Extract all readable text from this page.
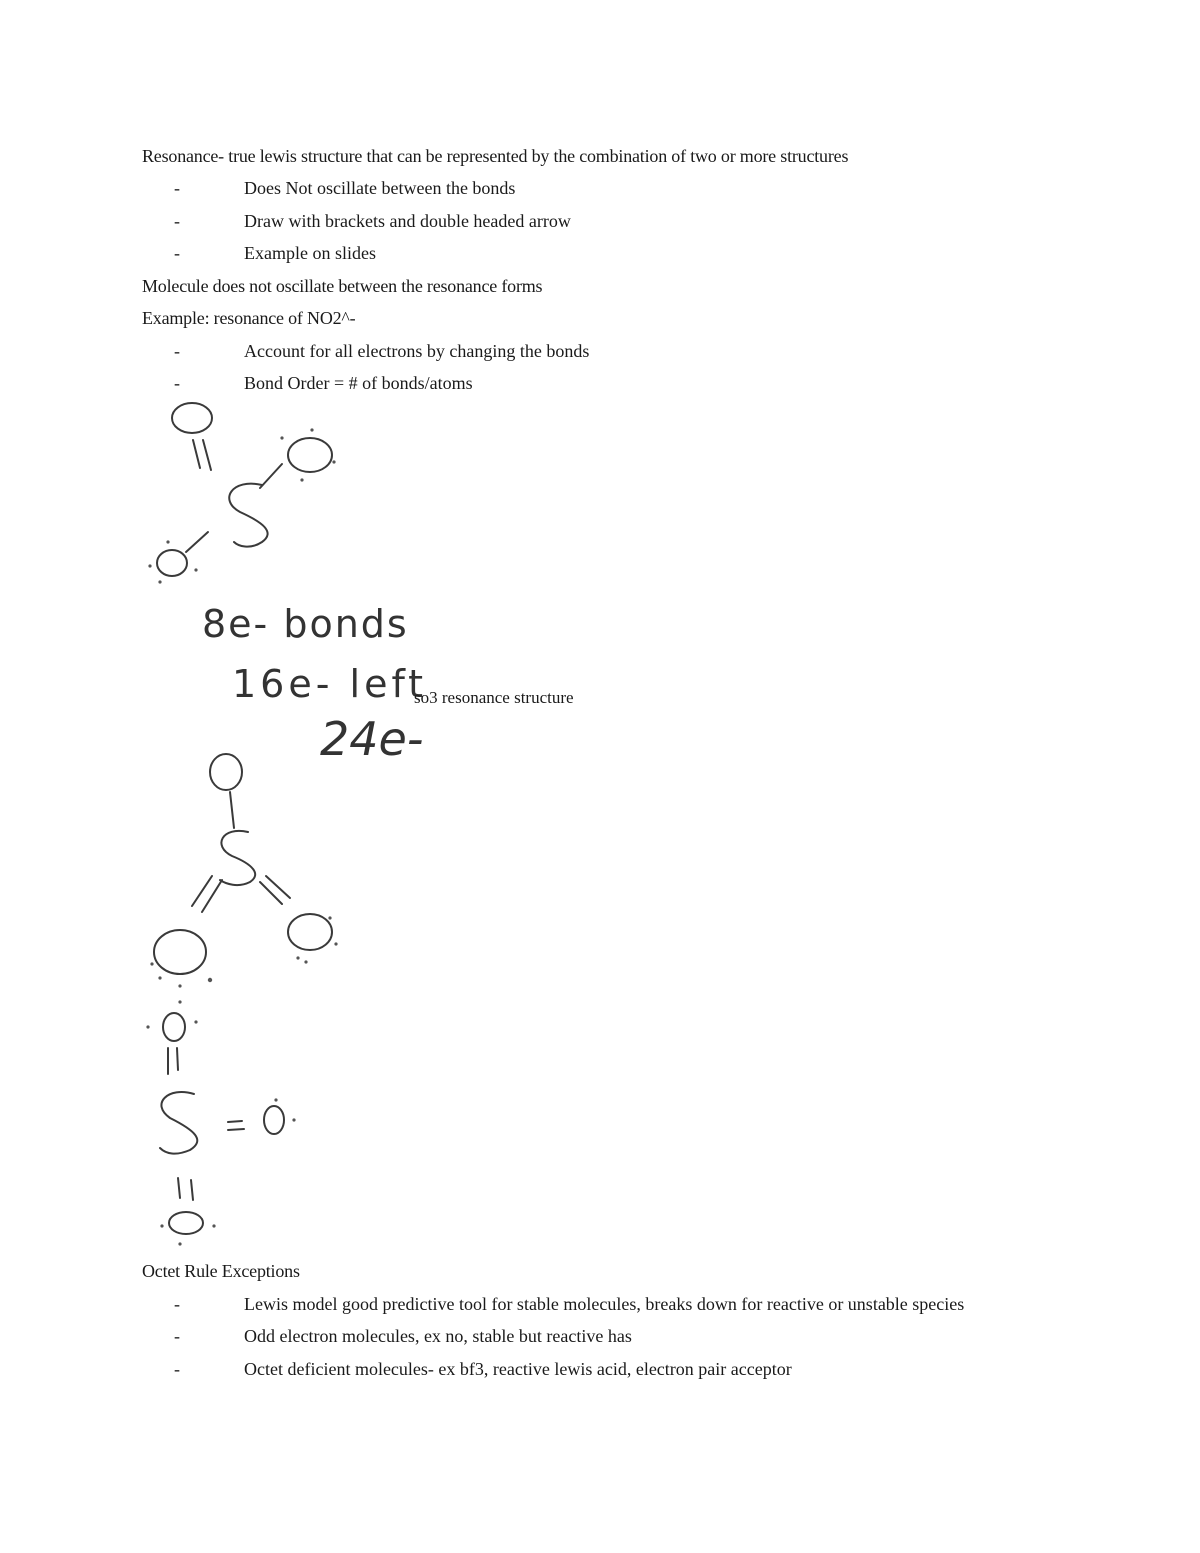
Resonance- true lewis structure that can be represented by the combination of two or more structures
-	Does Not oscillate between the bonds
-	Draw with brackets and double headed arrow
-	Example on slides
Molecule does not oscillate between the resonance forms
Example: resonance of NO2^-
-	Account for all electrons by changing the bonds
-	Bond Order = # of bonds/atoms
8e- bonds
16e- left
24e-
so3 resonance structure
Octet Rule Exceptions
-	Lewis model good predictive tool for stable molecules, breaks down for reactive or unstable species
-	Odd electron molecules, ex no, stable but reactive has
-	Octet deficient molecules- ex bf3, reactive lewis acid, electron pair acceptor
